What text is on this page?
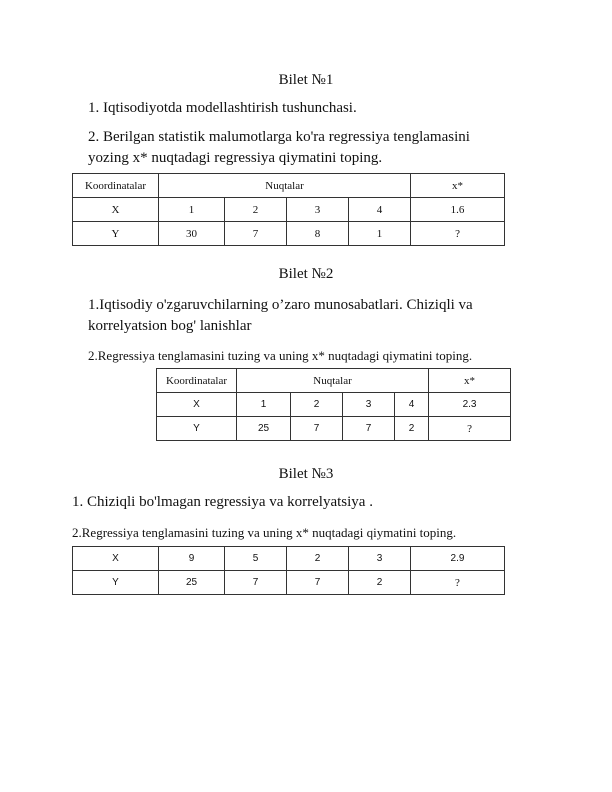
Bilet №1
1. Iqtisodiyotda modellashtirish tushunchasi.
2. Berilgan statistik malumotlarga ko'ra regressiya tenglamasini
yozing x* nuqtadagi regressiya qiymatini toping.
Koordinatalar	Nuqtalar				x*
X	1	2	3	4	1.6
Y	30	7	8	1	?
Bilet №2
1.Iqtisodiy o'zgaruvchilarning o’zaro munosabatlari. Chiziqli va
korrelyatsion bog' lanishlar
2.Regressiya tenglamasini tuzing va uning x* nuqtadagi qiymatini toping.
Koordinatalar	Nuqtalar				x*
X	1	2	3	4	2.3
Y	25	7	7	2	?
Bilet №3
1. Chiziqli bo'lmagan regressiya va korrelyatsiya .
2.Regressiya tenglamasini tuzing va uning x* nuqtadagi qiymatini toping.
X	9	5	2	3	2.9
Y	25	7	7	2	?
